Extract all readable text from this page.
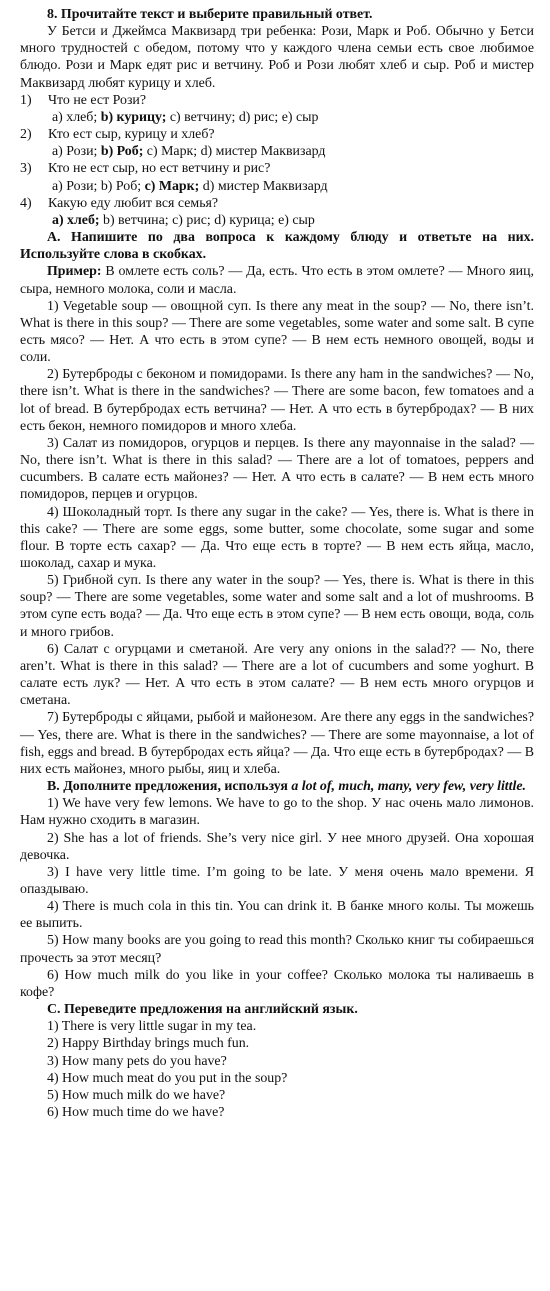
8. Прочитайте текст и выберите правильный ответ.
У Бетси и Джеймса Маквизард три ребенка: Рози, Марк и Роб. Обычно у Бетси много трудностей с обедом, потому что у каждого члена семьи есть свое любимое блюдо. Рози и Марк едят рис и ветчину. Роб и Рози любят хлеб и сыр. Роб и мистер Маквизард любят курицу и хлеб.
1)	Что не ест Рози?
а) хлеб; b) курицу; c) ветчину; d) рис; e) сыр
2)	Кто ест сыр, курицу и хлеб?
а) Рози; b) Роб; c) Марк; d) мистер Маквизард
3)	Кто не ест сыр, но ест ветчину и рис?
а) Рози; b) Роб; c) Марк; d) мистер Маквизард
4)	Какую еду любит вся семья?
а) хлеб; b) ветчина; c) рис; d) курица; e) сыр
А. Напишите по два вопроса к каждому блюду и ответьте на них. Используйте слова в скобках.
Пример: В омлете есть соль? — Да, есть. Что есть в этом омлете? — Много яиц, сыра, немного молока, соли и масла.
1) Vegetable soup — овощной суп. Is there any meat in the soup? — No, there isn’t. What is there in this soup? — There are some vegetables, some water and some salt. В супе есть мясо? — Нет. А что есть в этом супе? — В нем есть немного овощей, воды и соли.
2) Бутерброды с беконом и помидорами. Is there any ham in the sandwiches? — No, there isn’t. What is there in the sandwiches? — There are some bacon, few tomatoes and a lot of bread. В бутербродах есть ветчина? — Нет. А что есть в бутербродах? — В них есть бекон, немного помидоров и много хлеба.
3) Салат из помидоров, огурцов и перцев. Is there any mayonnaise in the salad? — No, there isn’t. What is there in this salad? — There are a lot of tomatoes, peppers and cucumbers. В салате есть майонез? — Нет. А что есть в салате? — В нем есть много помидоров, перцев и огурцов.
4) Шоколадный торт. Is there any sugar in the cake? — Yes, there is. What is there in this cake? — There are some eggs, some butter, some chocolate, some sugar and some flour. В торте есть сахар? — Да. Что еще есть в торте? — В нем есть яйца, масло, шоколад, сахар и мука.
5) Грибной суп. Is there any water in the soup? — Yes, there is. What is there in this soup? — There are some vegetables, some water and some salt and a lot of mushrooms. В этом супе есть вода? — Да. Что еще есть в этом супе? — В нем есть овощи, вода, соль и много грибов.
6) Салат с огурцами и сметаной. Are very any onions in the salad?? — No, there aren’t. What is there in this salad? — There are a lot of cucumbers and some yoghurt. В салате есть лук? — Нет. А что есть в этом салате? — В нем есть много огурцов и сметана.
7) Бутерброды с яйцами, рыбой и майонезом. Are there any eggs in the sandwiches? — Yes, there are. What is there in the sandwiches? — There are some mayonnaise, a lot of fish, eggs and bread. В бутербродах есть яйца? — Да. Что еще есть в бутербродах? — В них есть майонез, много рыбы, яиц и хлеба.
В. Дополните предложения, используя a lot of, much, many, very few, very little.
1) We have very few lemons. We have to go to the shop. У нас очень мало лимонов. Нам нужно сходить в магазин.
2) She has a lot of friends. She’s very nice girl. У нее много друзей. Она хорошая девочка.
3) I have very little time. I’m going to be late. У меня очень мало времени. Я опаздываю.
4) There is much cola in this tin. You can drink it. В банке много колы. Ты можешь ее выпить.
5) How many books are you going to read this month? Сколько книг ты собираешься прочесть за этот месяц?
6) How much milk do you like in your coffee? Сколько молока ты наливаешь в кофе?
С. Переведите предложения на английский язык.
1) There is very little sugar in my tea.
2) Happy Birthday brings much fun.
3) How many pets do you have?
4) How much meat do you put in the soup?
5) How much milk do we have?
6) How much time do we have?
